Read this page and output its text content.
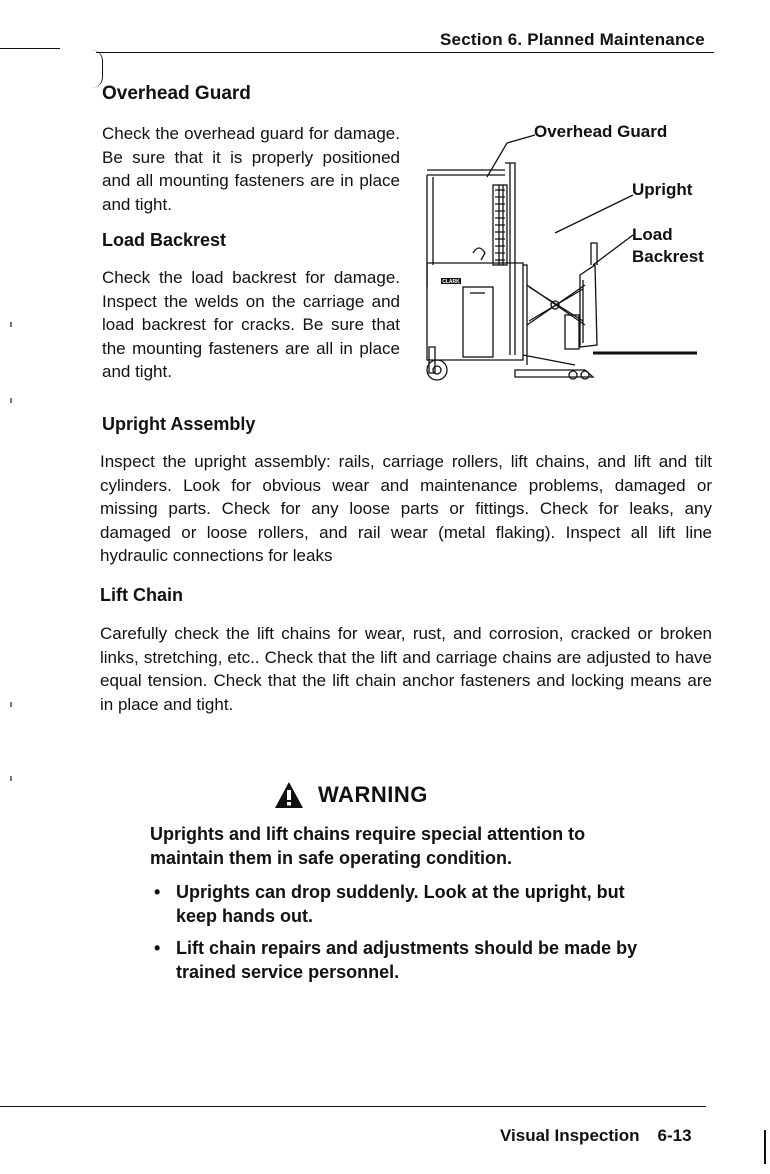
Section 6. Planned Maintenance
Overhead Guard
Check the overhead guard for damage. Be sure that it is properly positioned and all mounting fasteners are in place and tight.
Load Backrest
Check the load backrest for damage. Inspect the welds on the carriage and load backrest for cracks. Be sure that the mounting fasteners are all in place and tight.
CLARK
Overhead Guard
Upright
Load
Backrest
Upright Assembly
Inspect the upright assembly: rails, carriage rollers, lift chains, and lift and tilt cylinders. Look for obvious wear and maintenance problems, damaged or missing parts. Check for any loose parts or fittings. Check for leaks, any damaged or loose rollers, and rail wear (metal flaking). Inspect all lift line hydraulic connections for leaks
Lift Chain
Carefully check the lift chains for wear, rust, and corrosion, cracked or broken links, stretching, etc.. Check that the lift and carriage chains are adjusted to have equal tension. Check that the lift chain anchor fasteners and locking means are in place and tight.
WARNING
Uprights and lift chains require special attention to maintain them in safe operating condition.
• Uprights can drop suddenly. Look at the upright, but keep hands out.
• Lift chain repairs and adjustments should be made by trained service personnel.
Visual Inspection 6-13
